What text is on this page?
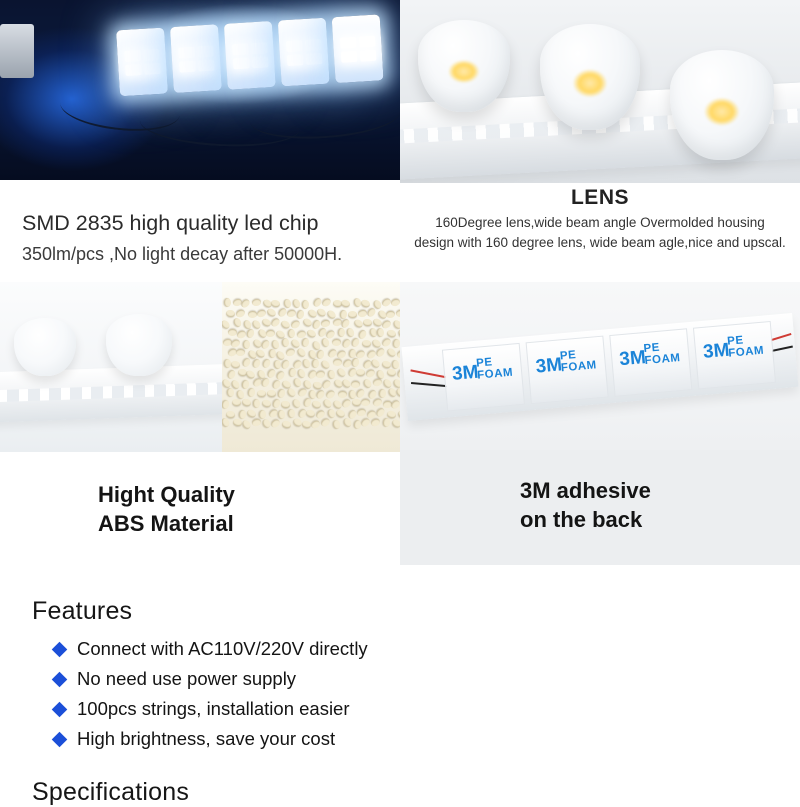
SMD 2835 high quality led chip
350lm/pcs ,No light decay after 50000H.
LENS
160Degree lens,wide beam angle Overmolded housing
design with 160 degree lens, wide beam agle,nice and upscal.
Hight Quality
ABS Material
3M
PE FOAM	3M
PE FOAM	3M
PE FOAM	3M
PE FOAM
3M adhesive
on the back
Features
Connect with AC110V/220V directly
No need use power supply
100pcs strings, installation easier
High brightness, save your cost
Specifications
